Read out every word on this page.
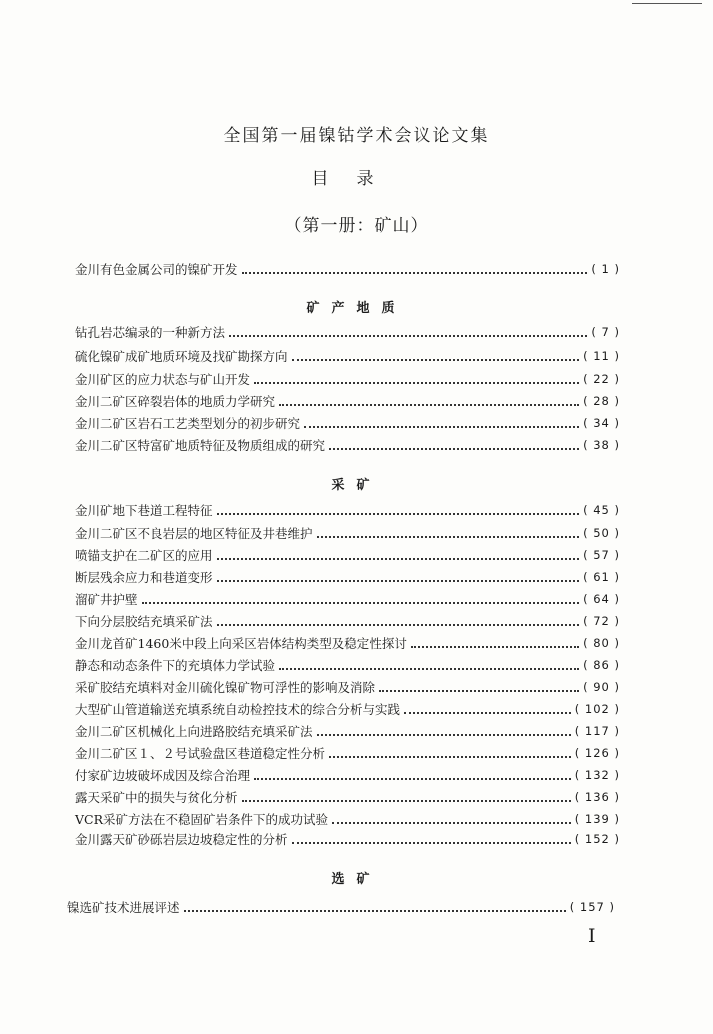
全国第一届镍钴学术会议论文集
目录
（第一册：矿山）
金川有色金属公司的镍矿开发	( 1 )
矿产地质
钻孔岩芯编录的一种新方法	( 7 )
硫化镍矿成矿地质环境及找矿勘探方向	( 11 )
金川矿区的应力状态与矿山开发	( 22 )
金川二矿区碎裂岩体的地质力学研究	( 28 )
金川二矿区岩石工艺类型划分的初步研究	( 34 )
金川二矿区特富矿地质特征及物质组成的研究	( 38 )
采矿
金川矿地下巷道工程特征	( 45 )
金川二矿区不良岩层的地区特征及井巷维护	( 50 )
喷锚支护在二矿区的应用	( 57 )
断层残余应力和巷道变形	( 61 )
溜矿井护壁	( 64 )
下向分层胶结充填采矿法	( 72 )
金川龙首矿1460米中段上向采区岩体结构类型及稳定性探讨	( 80 )
静态和动态条件下的充填体力学试验	( 86 )
采矿胶结充填料对金川硫化镍矿物可浮性的影响及消除	( 90 )
大型矿山管道输送充填系统自动检控技术的综合分析与实践	( 102 )
金川二矿区机械化上向进路胶结充填采矿法	( 117 )
金川二矿区１、２号试验盘区巷道稳定性分析	( 126 )
付家矿边坡破坏成因及综合治理	( 132 )
露天采矿中的损失与贫化分析	( 136 )
VCR采矿方法在不稳固矿岩条件下的成功试验	( 139 )
金川露天矿砂砾岩层边坡稳定性的分析	( 152 )
选矿
镍选矿技术进展评述	( 157 )
I
